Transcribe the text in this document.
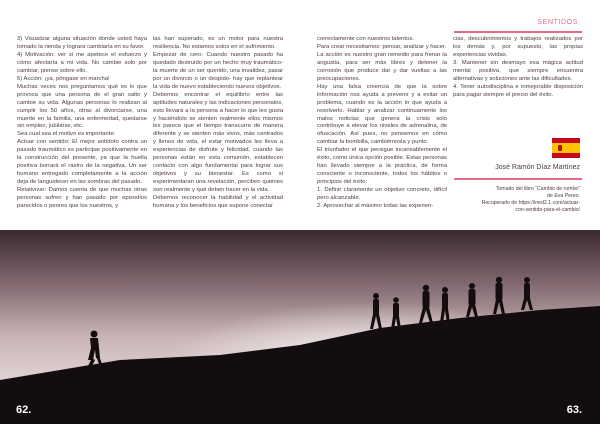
SENTIDOS

3) Visualizar alguna situación donde usted haya tomado la rienda y lograra cambiarla en su favor.

4) Motivación: ver si me apetece el esfuerzo y cómo afectaría a mi vida. No cambie solo por cambiar, piense sobre ello.

5) Acción: ¡ya, póngase en marcha!

Muchas veces nos preguntamos qué es lo que provoca que una persona de el gran salto y cambie su vida. Algunas personas lo realizan al cumplir los 50 años, otras al divorciarse, una muerte en la familia, una enfermedad, quedarse sin empleo, jubilarse, etc.

Sea cual sea el motivo es importante:

Actuar con sentido: El mejor antídoto contra un pasado traumático es participar positivamente en la construcción del presente, ya que la huella positiva borrará el rastro de la negativa. Un ser humano entregado completamente a la acción deja de languidecer en las sombras del pasado.

Relativizar: Damos cuenta de que muchas otras personas sufren y han pasado por episodios parecidos o peores que los nuestros, y

las han superado, es un motor para nuestra resiliencia. No estamos solos en el sufrimiento.

Empezar de cero: Cuando nuestro pasado ha quedado destruido por un hecho muy traumático- la muerte de un ser querido, una invalidez, pasar por un divorcio o un despido- hay que replantear la vida de nuevo estableciendo nuevos objetivos.

Debemos encontrar el equilibrio entre las aptitudes naturales y las indicaciones personales, esto llevará a la persona a hacer lo que les gusta y haciéndolo se sienten realmente ellos mismos les parece que el tiempo transcurre de manera diferente y se sienten más vivos, más centrados y llenos de vida, el estar motivados les lleva a experiencias de disfrute y felicidad, cuando las personas están en esta comunión, establecen contacto con algo fundamental para lograr sus objetivos y su bienestar. Es como si experimentaran una revelación, perciben quiénes son realmente y qué deben hacer en la vida.

Debemos reconocer la habilidad y el actividad humana y los beneficios que supone conectar

correctamente con nuestros talentos.

Para crear necesitamos: pensar, analizar y hacer.

La acción es nuestro gran remedio para frenar la angustia, para ser más libres y detener la corrosión que produce dar y dar vueltas a las preocupaciones.

Hay una falsa creencia de que la sobre información nos ayuda a prevenir y a evitar un problema, cuando es la acción lo que ayuda a resolverlo. Hablar y analizar continuamente los malos noticias que genera la crisis solo contribuye a elevar los niveles de adrenalina, de ofuscación. Así pues, no pensemos en cómo cambiar la bombilla, cambiémosla y punto.

El triunfador el que persigue incansablemente el éxito, como única opción posible. Estas personas han llevado siempre a la práctica, de forma consciente o inconsciente, todos los hábitos o principios del éxito:

1. Definir claramente un objetivo concreto, difícil pero alcanzable.

2. Aprovechar al máximo todas las experien-

cias, descubrimientos y trabajos realizados por los demás y, por supuesto, las propias experiencias vividas.

3. Mantener sin desmayo esa mágica actitud mental positiva, que siempre encuentra alternativas y soluciones ante las dificultades.

4. Tener autodisciplina e inmejorable disposición para pagar siempre el precio del éxito.

José Ramón Díaz Martínez
Tomado del libro “Cambio de rumbo”
de Eva Pereo.
Recuperado de https://ined2.1.com/actuar-
con-sentido-para-el-cambio/
62.	63.
